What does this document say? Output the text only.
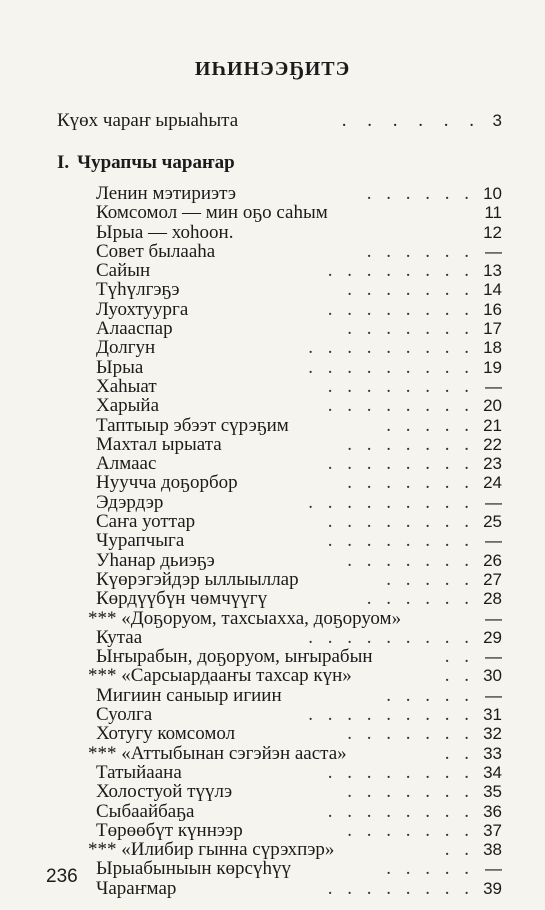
ИҺИНЭЭҔИТЭ
Күөх чараҥ ырыаһыта	. . . . . . 3
I. Чурапчы чараҥар
Ленин мэтириэтэ	. . . . . . 10
Комсомол — мин оҕо саһым	11
Ырыа — хоһоон.	12
Совет былааһа	. . . . . . —
Сайын	. . . . . . . . 13
Түһүлгэҕэ	. . . . . . . 14
Луохтуурга	. . . . . . . . 16
Алааспар	. . . . . . . 17
Долгун	. . . . . . . . . 18
Ырыа	. . . . . . . . . 19
Хаһыат	. . . . . . . . —
Харыйа	. . . . . . . . 20
Таптыыр эбээт сүрэҕим	. . . . . 21
Махтал ырыата	. . . . . . . 22
Алмаас	. . . . . . . . 23
Нууччa доҕорбор	. . . . . . . 24
Эдэрдэр	. . . . . . . . . —
Саҥа уоттар	. . . . . . . . 25
Чурапчыга	. . . . . . . . —
Уһанар дьиэҕэ	. . . . . . . 26
Күөрэгэйдэр ыллыыллар	. . . . . 27
Көрдүүбүн чөмчүүгү	. . . . . . 28
*** «Доҕоруом, тахсыахха, доҕоруом»	—
Кутаа	. . . . . . . . . 29
Ыҥырабын, доҕоруом, ыҥырабын	. . —
*** «Сарсыардааҥы тахсар күн»	. . 30
Мигиин саныыр игиин	. . . . . —
Суолга	. . . . . . . . . 31
Хотугу комсомол	. . . . . . . 32
*** «Аттыбынан сэгэйэн ааста»	. . 33
Татыйаана	. . . . . . . . 34
Холостуой түүлэ	. . . . . . . 35
Сыбаайбаҕа	. . . . . . . . 36
Төрөөбүт күннээр	. . . . . . . 37
*** «Илибир гынна сүрэхпэр»	. . 38
Ырыабыныын көрсүһүү	. . . . . —
Чараҥмар	. . . . . . . . 39
236
